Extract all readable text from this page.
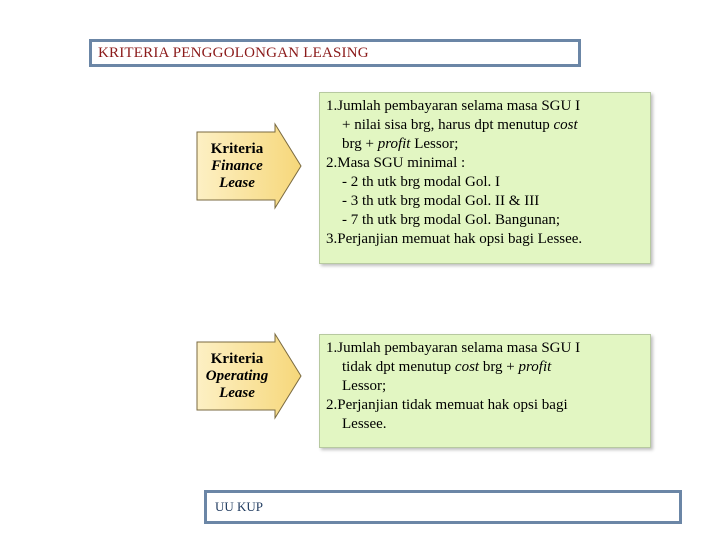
KRITERIA PENGGOLONGAN LEASING
Kriteria
Finance
Lease
1.Jumlah pembayaran selama masa SGU I
+ nilai sisa brg, harus dpt menutup cost
brg + profit Lessor;
2.Masa SGU minimal :
- 2 th utk brg modal Gol. I
- 3 th utk brg modal Gol. II & III
- 7 th utk brg modal Gol. Bangunan;
3.Perjanjian memuat hak opsi bagi Lessee.
Kriteria
Operating
Lease
1.Jumlah pembayaran selama masa SGU I
tidak dpt menutup cost brg + profit
Lessor;
2.Perjanjian tidak memuat hak opsi bagi
Lessee.
UU KUP
